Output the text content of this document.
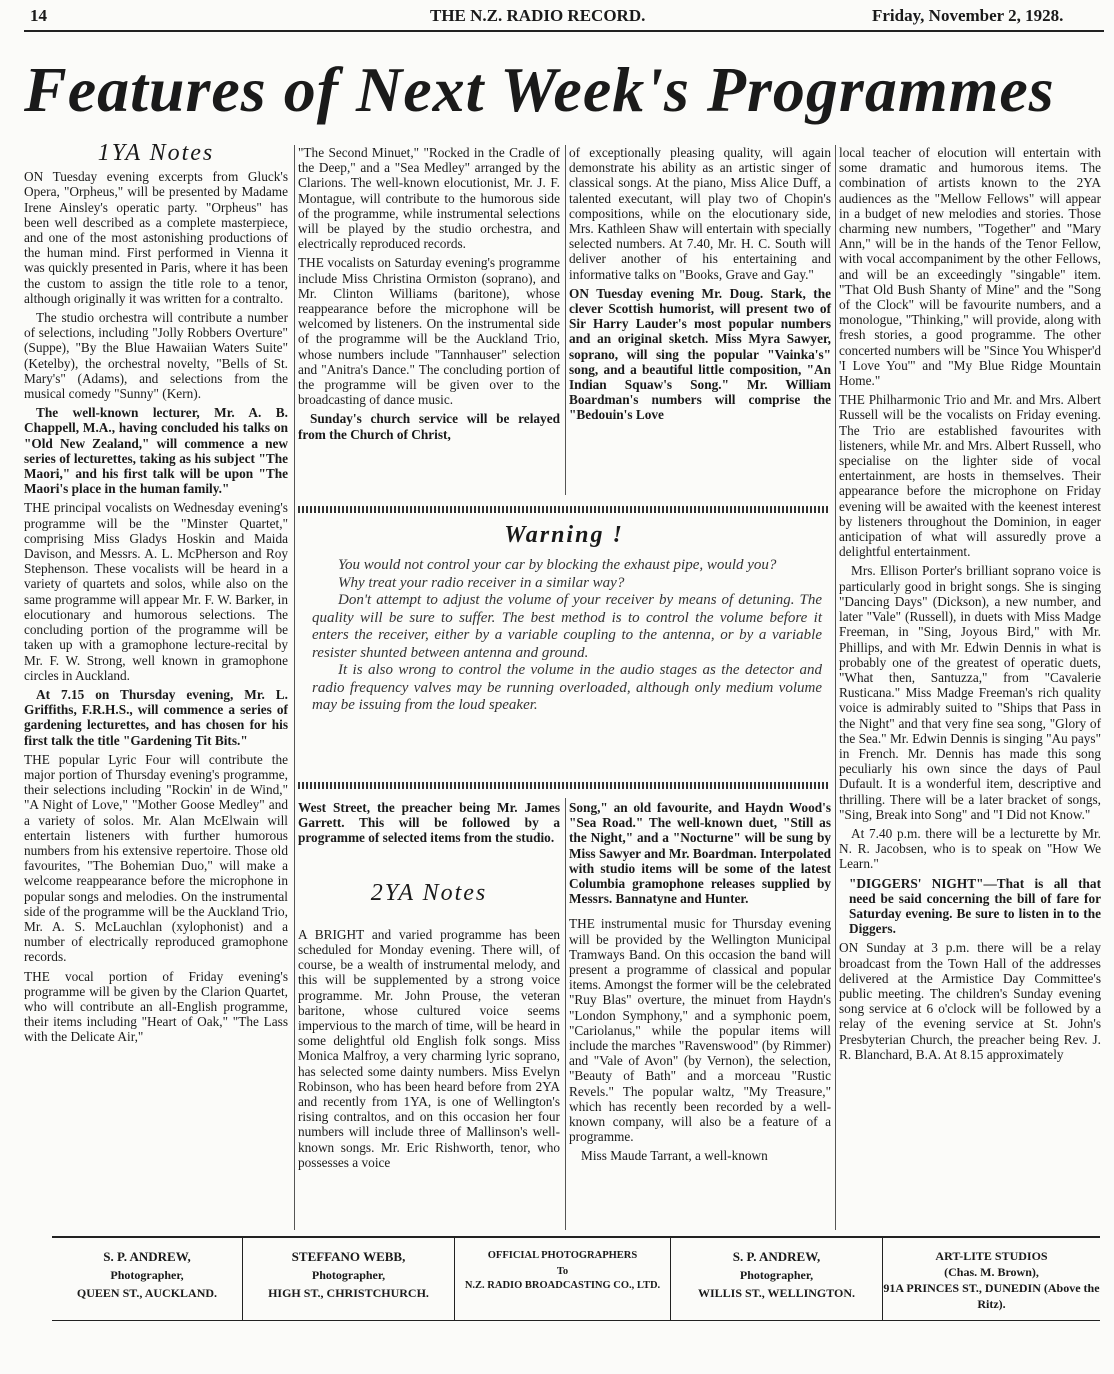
14	THE N.Z. RADIO RECORD.	Friday, November 2, 1928.
Features of Next Week's Programmes
1YA Notes

ON Tuesday evening excerpts from Gluck's Opera, "Orpheus," will be presented by Madame Irene Ainsley's operatic party. "Orpheus" has been well described as a complete masterpiece, and one of the most astonishing productions of the human mind. First performed in Vienna it was quickly presented in Paris, where it has been the custom to assign the title role to a tenor, although originally it was written for a contralto.

The studio orchestra will contribute a number of selections, including "Jolly Robbers Overture" (Suppe), "By the Blue Hawaiian Waters Suite" (Ketelby), the orchestral novelty, "Bells of St. Mary's" (Adams), and selections from the musical comedy "Sunny" (Kern).

The well-known lecturer, Mr. A. B. Chappell, M.A., having concluded his talks on "Old New Zealand," will commence a new series of lecturettes, taking as his subject "The Maori," and his first talk will be upon "The Maori's place in the human family."

THE principal vocalists on Wednesday evening's programme will be the "Minster Quartet," comprising Miss Gladys Hoskin and Maida Davison, and Messrs. A. L. McPherson and Roy Stephenson. These vocalists will be heard in a variety of quartets and solos, while also on the same programme will appear Mr. F. W. Barker, in elocutionary and humorous selections. The concluding portion of the programme will be taken up with a gramophone lecture-recital by Mr. F. W. Strong, well known in gramophone circles in Auckland.

At 7.15 on Thursday evening, Mr. L. Griffiths, F.R.H.S., will commence a series of gardening lecturettes, and has chosen for his first talk the title "Gardening Tit Bits."

THE popular Lyric Four will contribute the major portion of Thursday evening's programme, their selections including "Rockin' in de Wind," "A Night of Love," "Mother Goose Medley" and a variety of solos. Mr. Alan McElwain will entertain listeners with further humorous numbers from his extensive repertoire. Those old favourites, "The Bohemian Duo," will make a welcome reappearance before the microphone in popular songs and melodies. On the instrumental side of the programme will be the Auckland Trio, Mr. A. S. McLauchlan (xylophonist) and a number of electrically reproduced gramophone records.

THE vocal portion of Friday evening's programme will be given by the Clarion Quartet, who will contribute an all-English programme, their items including "Heart of Oak," "The Lass with the Delicate Air,"

"The Second Minuet," "Rocked in the Cradle of the Deep," and a "Sea Medley" arranged by the Clarions. The well-known elocutionist, Mr. J. F. Montague, will contribute to the humorous side of the programme, while instrumental selections will be played by the studio orchestra, and electrically reproduced records.

THE vocalists on Saturday evening's programme include Miss Christina Ormiston (soprano), and Mr. Clinton Williams (baritone), whose reappearance before the microphone will be welcomed by listeners. On the instrumental side of the programme will be the Auckland Trio, whose numbers include "Tannhauser" selection and "Anitra's Dance." The concluding portion of the programme will be given over to the broadcasting of dance music.

Sunday's church service will be relayed from the Church of Christ,

of exceptionally pleasing quality, will again demonstrate his ability as an artistic singer of classical songs. At the piano, Miss Alice Duff, a talented executant, will play two of Chopin's compositions, while on the elocutionary side, Mrs. Kathleen Shaw will entertain with specially selected numbers. At 7.40, Mr. H. C. South will deliver another of his entertaining and informative talks on "Books, Grave and Gay."

ON Tuesday evening Mr. Doug. Stark, the clever Scottish humorist, will present two of Sir Harry Lauder's most popular numbers and an original sketch. Miss Myra Sawyer, soprano, will sing the popular "Vainka's" song, and a beautiful little composition, "An Indian Squaw's Song." Mr. William Boardman's numbers will comprise the "Bedouin's Love

Warning !

You would not control your car by blocking the exhaust pipe, would you?

Why treat your radio receiver in a similar way?

Don't attempt to adjust the volume of your receiver by means of detuning. The quality will be sure to suffer. The best method is to control the volume before it enters the receiver, either by a variable coupling to the antenna, or by a variable resister shunted between antenna and ground.

It is also wrong to control the volume in the audio stages as the detector and radio frequency valves may be running overloaded, although only medium volume may be issuing from the loud speaker.

West Street, the preacher being Mr. James Garrett. This will be followed by a programme of selected items from the studio.

2YA Notes

A BRIGHT and varied programme has been scheduled for Monday evening. There will, of course, be a wealth of instrumental melody, and this will be supplemented by a strong voice programme. Mr. John Prouse, the veteran baritone, whose cultured voice seems impervious to the march of time, will be heard in some delightful old English folk songs. Miss Monica Malfroy, a very charming lyric soprano, has selected some dainty numbers. Miss Evelyn Robinson, who has been heard before from 2YA and recently from 1YA, is one of Wellington's rising contraltos, and on this occasion her four numbers will include three of Mallinson's well-known songs. Mr. Eric Rishworth, tenor, who possesses a voice

Song," an old favourite, and Haydn Wood's "Sea Road." The well-known duet, "Still as the Night," and a "Nocturne" will be sung by Miss Sawyer and Mr. Boardman. Interpolated with studio items will be some of the latest Columbia gramophone releases supplied by Messrs. Bannatyne and Hunter.

THE instrumental music for Thursday evening will be provided by the Wellington Municipal Tramways Band. On this occasion the band will present a programme of classical and popular items. Amongst the former will be the celebrated "Ruy Blas" overture, the minuet from Haydn's "London Symphony," and a symphonic poem, "Cariolanus," while the popular items will include the marches "Ravenswood" (by Rimmer) and "Vale of Avon" (by Vernon), the selection, "Beauty of Bath" and a morceau "Rustic Revels." The popular waltz, "My Treasure," which has recently been recorded by a well-known company, will also be a feature of a programme.

Miss Maude Tarrant, a well-known

local teacher of elocution will entertain with some dramatic and humorous items. The combination of artists known to the 2YA audiences as the "Mellow Fellows" will appear in a budget of new melodies and stories. Those charming new numbers, "Together" and "Mary Ann," will be in the hands of the Tenor Fellow, with vocal accompaniment by the other Fellows, and will be an exceedingly "singable" item. "That Old Bush Shanty of Mine" and the "Song of the Clock" will be favourite numbers, and a monologue, "Thinking," will provide, along with fresh stories, a good programme. The other concerted numbers will be "Since You Whisper'd 'I Love You'" and "My Blue Ridge Mountain Home."

THE Philharmonic Trio and Mr. and Mrs. Albert Russell will be the vocalists on Friday evening. The Trio are established favourites with listeners, while Mr. and Mrs. Albert Russell, who specialise on the lighter side of vocal entertainment, are hosts in themselves. Their appearance before the microphone on Friday evening will be awaited with the keenest interest by listeners throughout the Dominion, in eager anticipation of what will assuredly prove a delightful entertainment.

Mrs. Ellison Porter's brilliant soprano voice is particularly good in bright songs. She is singing "Dancing Days" (Dickson), a new number, and later "Vale" (Russell), in duets with Miss Madge Freeman, in "Sing, Joyous Bird," with Mr. Phillips, and with Mr. Edwin Dennis in what is probably one of the greatest of operatic duets, "What then, Santuzza," from "Cavalerie Rusticana." Miss Madge Freeman's rich quality voice is admirably suited to "Ships that Pass in the Night" and that very fine sea song, "Glory of the Sea." Mr. Edwin Dennis is singing "Au pays" in French. Mr. Dennis has made this song peculiarly his own since the days of Paul Dufault. It is a wonderful item, descriptive and thrilling. There will be a later bracket of songs, "Sing, Break into Song" and "I Did not Know."

At 7.40 p.m. there will be a lecturette by Mr. N. R. Jacobsen, who is to speak on "How We Learn."

"DIGGERS' NIGHT"—That is all that need be said concerning the bill of fare for Saturday evening. Be sure to listen in to the Diggers.

ON Sunday at 3 p.m. there will be a relay broadcast from the Town Hall of the addresses delivered at the Armistice Day Committee's public meeting. The children's Sunday evening song service at 6 o'clock will be followed by a relay of the evening service at St. John's Presbyterian Church, the preacher being Rev. J. R. Blanchard, B.A. At 8.15 approximately

S. P. ANDREW,
Photographer,
QUEEN ST., AUCKLAND.
STEFFANO WEBB,
Photographer,
HIGH ST., CHRISTCHURCH.
OFFICIAL PHOTOGRAPHERS
To
N.Z. RADIO BROADCASTING CO., LTD.
S. P. ANDREW,
Photographer,
WILLIS ST., WELLINGTON.
ART-LITE STUDIOS
(Chas. M. Brown),
91A PRINCES ST., DUNEDIN (Above the Ritz).
